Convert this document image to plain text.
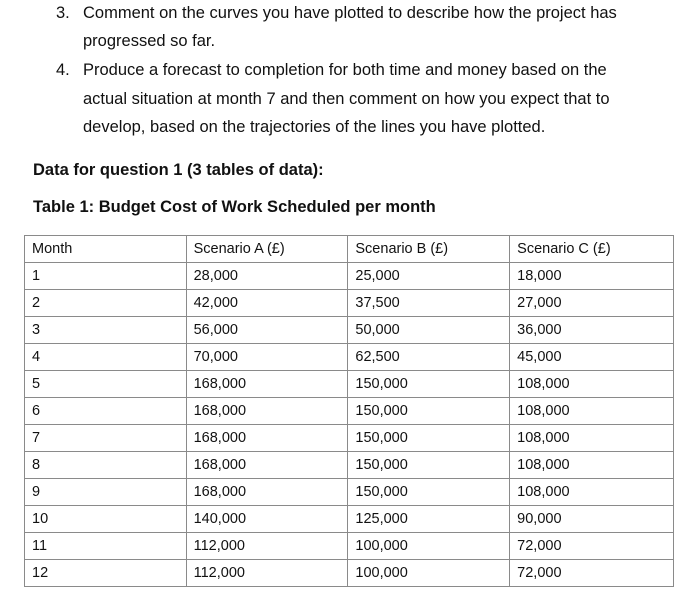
3. Comment on the curves you have plotted to describe how the project has
progressed so far.
4. Produce a forecast to completion for both time and money based on the
actual situation at month 7 and then comment on how you expect that to
develop, based on the trajectories of the lines you have plotted.
Data for question 1 (3 tables of data):
Table 1: Budget Cost of Work Scheduled per month
Month	Scenario A (£)	Scenario B (£)	Scenario C (£)
1	28,000	25,000	18,000
2	42,000	37,500	27,000
3	56,000	50,000	36,000
4	70,000	62,500	45,000
5	168,000	150,000	108,000
6	168,000	150,000	108,000
7	168,000	150,000	108,000
8	168,000	150,000	108,000
9	168,000	150,000	108,000
10	140,000	125,000	90,000
11	112,000	100,000	72,000
12	112,000	100,000	72,000
